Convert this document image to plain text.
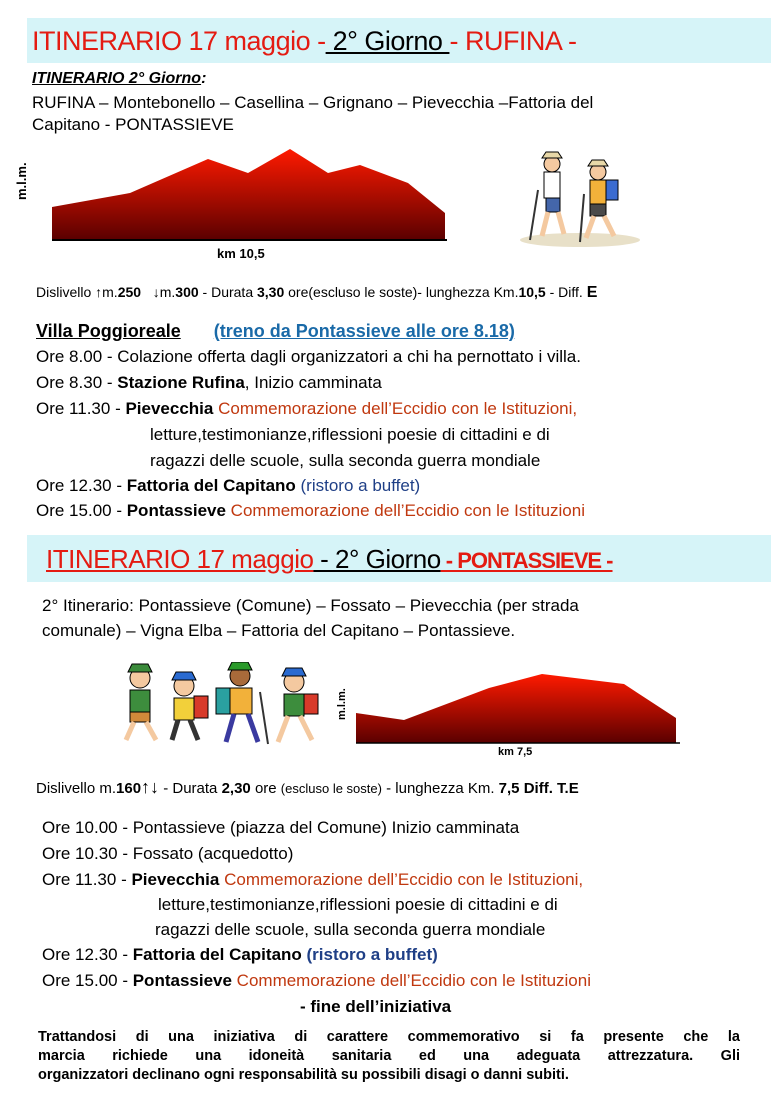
ITINERARIO 17 maggio - 2° Giorno - RUFINA -
ITINERARIO 2° Giorno:
RUFINA – Montebonello – Casellina – Grignano – Pievecchia –Fattoria del
Capitano - PONTASSIEVE
m.l.m.
km 10,5
Dislivello ↑m.250 ↓m.300 - Durata 3,30 ore(escluso le soste)- lunghezza Km.10,5 - Diff. E
Villa Poggioreale (treno da Pontassieve alle ore 8.18)
Ore 8.00 - Colazione offerta dagli organizzatori a chi ha pernottato i villa.
Ore 8.30 - Stazione Rufina, Inizio camminata
Ore 11.30 - Pievecchia Commemorazione dell’Eccidio con le Istituzioni,
letture,testimonianze,riflessioni poesie di cittadini e di
ragazzi delle scuole, sulla seconda guerra mondiale
Ore 12.30 - Fattoria del Capitano (ristoro a buffet)
Ore 15.00 - Pontassieve Commemorazione dell’Eccidio con le Istituzioni
ITINERARIO 17 maggio - 2° Giorno - PONTASSIEVE -
2° Itinerario: Pontassieve (Comune) – Fossato – Pievecchia (per strada
comunale) – Vigna Elba – Fattoria del Capitano – Pontassieve.
m.l.m.
km 7,5
Dislivello m.160↑↓ - Durata 2,30 ore (escluso le soste) - lunghezza Km. 7,5 Diff. T.E
Ore 10.00 - Pontassieve (piazza del Comune) Inizio camminata
Ore 10.30 - Fossato (acquedotto)
Ore 11.30 - Pievecchia Commemorazione dell’Eccidio con le Istituzioni,
letture,testimonianze,riflessioni poesie di cittadini e di
ragazzi delle scuole, sulla seconda guerra mondiale
Ore 12.30 - Fattoria del Capitano (ristoro a buffet)
Ore 15.00 - Pontassieve Commemorazione dell’Eccidio con le Istituzioni
- fine dell’iniziativa
Trattandosi di una iniziativa di carattere commemorativo si fa presente che la
marcia richiede una idoneità sanitaria ed una adeguata attrezzatura. Gli
organizzatori declinano ogni responsabilità su possibili disagi o danni subiti.
